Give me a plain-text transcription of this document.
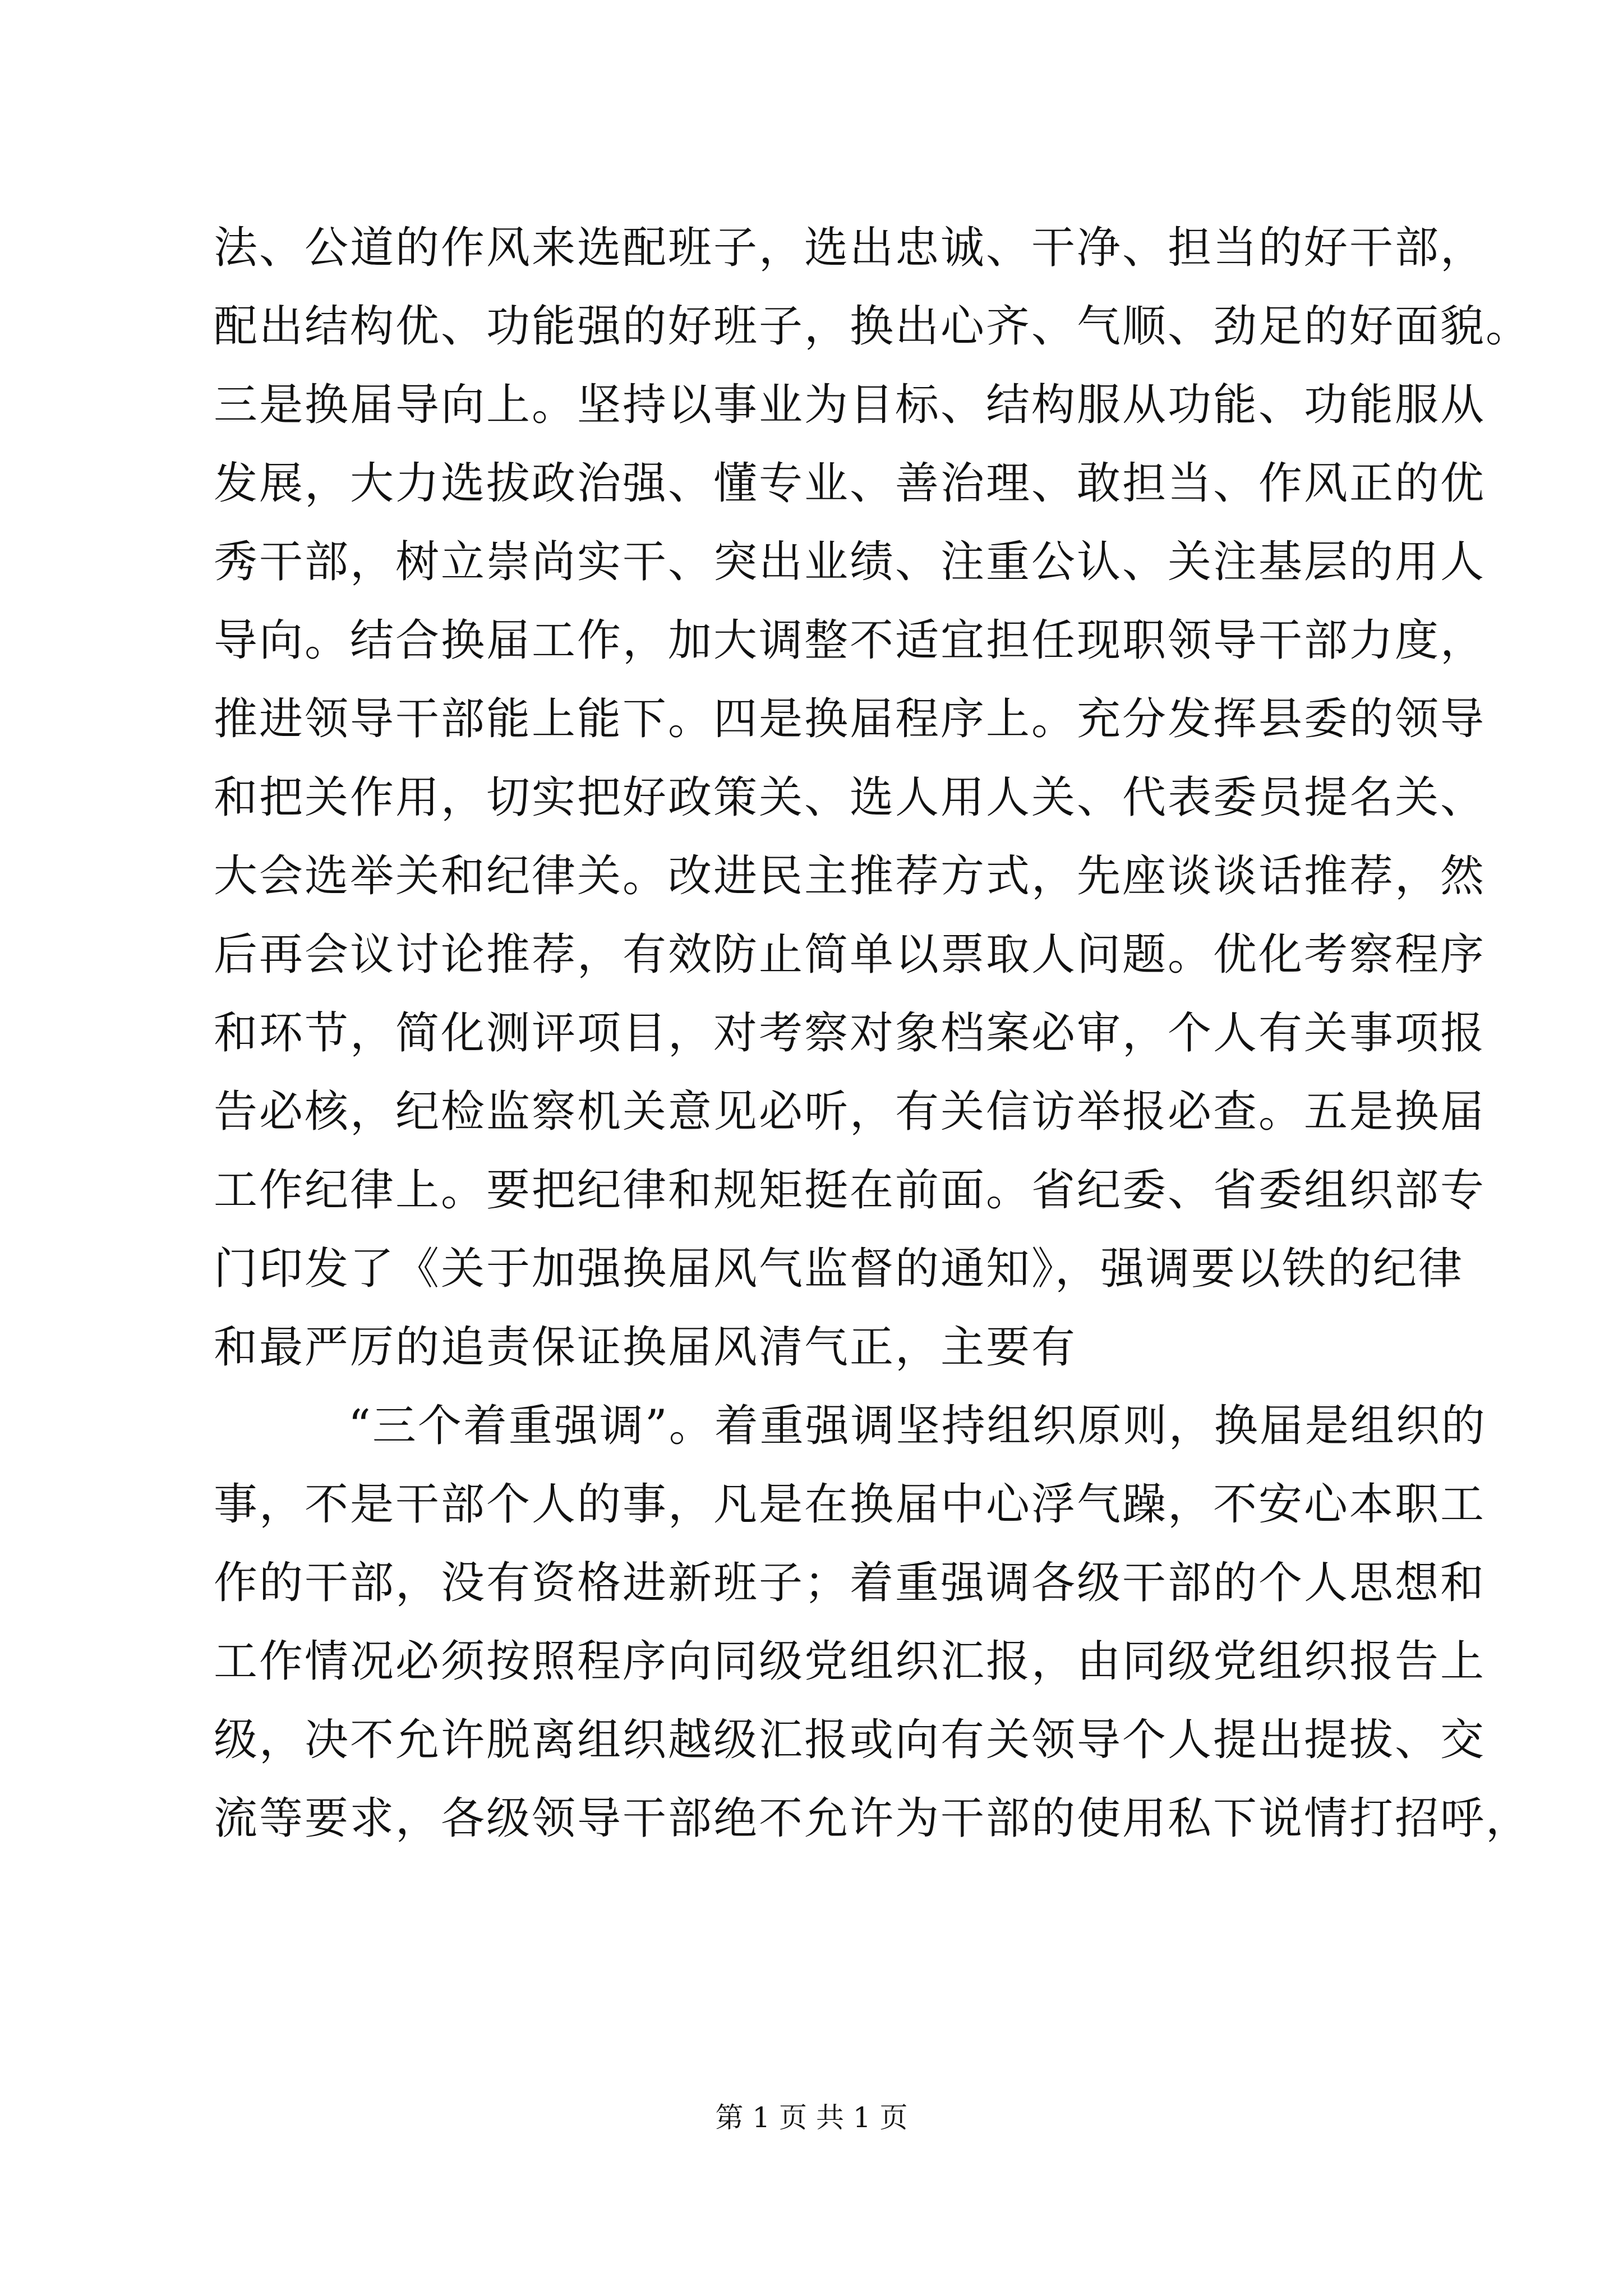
法、公道的作风来选配班子，选出忠诚、干净、担当的好干部，
配出结构优、功能强的好班子，换出心齐、气顺、劲足的好面貌。
三是换届导向上。坚持以事业为目标、结构服从功能、功能服从
发展，大力选拔政治强、懂专业、善治理、敢担当、作风正的优
秀干部，树立崇尚实干、突出业绩、注重公认、关注基层的用人
导向。结合换届工作，加大调整不适宜担任现职领导干部力度，
推进领导干部能上能下。四是换届程序上。充分发挥县委的领导
和把关作用，切实把好政策关、选人用人关、代表委员提名关、
大会选举关和纪律关。改进民主推荐方式，先座谈谈话推荐，然
后再会议讨论推荐，有效防止简单以票取人问题。优化考察程序
和环节，简化测评项目，对考察对象档案必审，个人有关事项报
告必核，纪检监察机关意见必听，有关信访举报必查。五是换届
工作纪律上。要把纪律和规矩挺在前面。省纪委、省委组织部专
门印发了《关于加强换届风气监督的通知》，强调要以铁的纪律
和最严厉的追责保证换届风清气正，主要有
“三个着重强调”。着重强调坚持组织原则，换届是组织的
事，不是干部个人的事，凡是在换届中心浮气躁，不安心本职工
作的干部，没有资格进新班子；着重强调各级干部的个人思想和
工作情况必须按照程序向同级党组织汇报，由同级党组织报告上
级，决不允许脱离组织越级汇报或向有关领导个人提出提拔、交
流等要求，各级领导干部绝不允许为干部的使用私下说情打招呼，
第 1 页 共 1 页
